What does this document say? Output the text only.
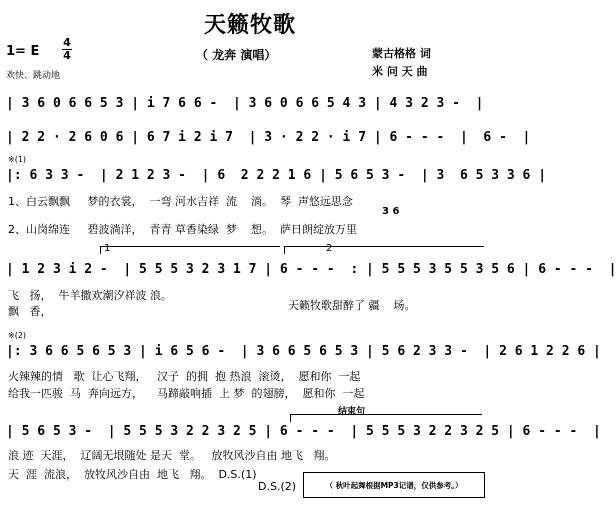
天籁牧歌
（ 龙奔 演唱）
1= E
4
4
欢快、跳动地
蒙古格格 词
米 问 天 曲
| 3 6 0 6 6 5 3 | i 7 6 6 -  | 3 6 0 6 6 5 4 3 | 4 3 2 3 -  |
| 2 2 · 2 6 0 6 | 6 7 i 2 i 7  | 3 · 2 2 · i 7 | 6 - - -  |  6 -  |
※(1)
|: 6 3 3 -  | 2 1 2 3 -  | 6  2 2 2 1 6 | 5 6 5 3 -  | 3  6 5 3 3 6 |
1、白云飘飘     梦的衣裳，  一弯 河水吉祥  流    淌。  琴  声悠远思念
3 6
2、山岗绵连     碧波淌洋，  青青 草香染绿  梦    想。  萨日朗绽放万里
1	2
| 1 2 3 i 2 -  | 5 5 5 3 2 3 1 7 | 6 - - -  : | 5 5 5 3 5 5 3 5 6 | 6 - - -  |
飞   扬，  牛羊撒欢潮汐祥波 浪。
飘   香，	天籁牧歌甜醉了 疆    场。
※(2)
|: 3 6 6 5 6 5 3 | i 6 5 6 -  | 3 6 6 5 6 5 3 | 5 6 2 3 3 -  | 2 6 1 2 2 6 |
火辣辣的情   歌  让心飞翔，   汉子  的拥  抱 热浪  滚烫，  愿和你  一起
给我一匹骏  马  奔向远方，    马蹄敲响插  上 梦  的翅膀，  愿和你  一起
结束句
| 5 6 5 3 -  | 5 5 5 3 2 2 3 2 5 | 6 - - -  | 5 5 5 3 2 2 3 2 5 | 6 - - -  |
浪 迹  天涯，  辽阔无垠随处 是天  堂。   放牧风沙自由 地飞   翔。
天  涯  流浪，  放牧风沙自由  地飞   翔。  D.S.(1)
D.S.(2)	（ 秋叶起舞根据MP3记谱，仅供参考。）
